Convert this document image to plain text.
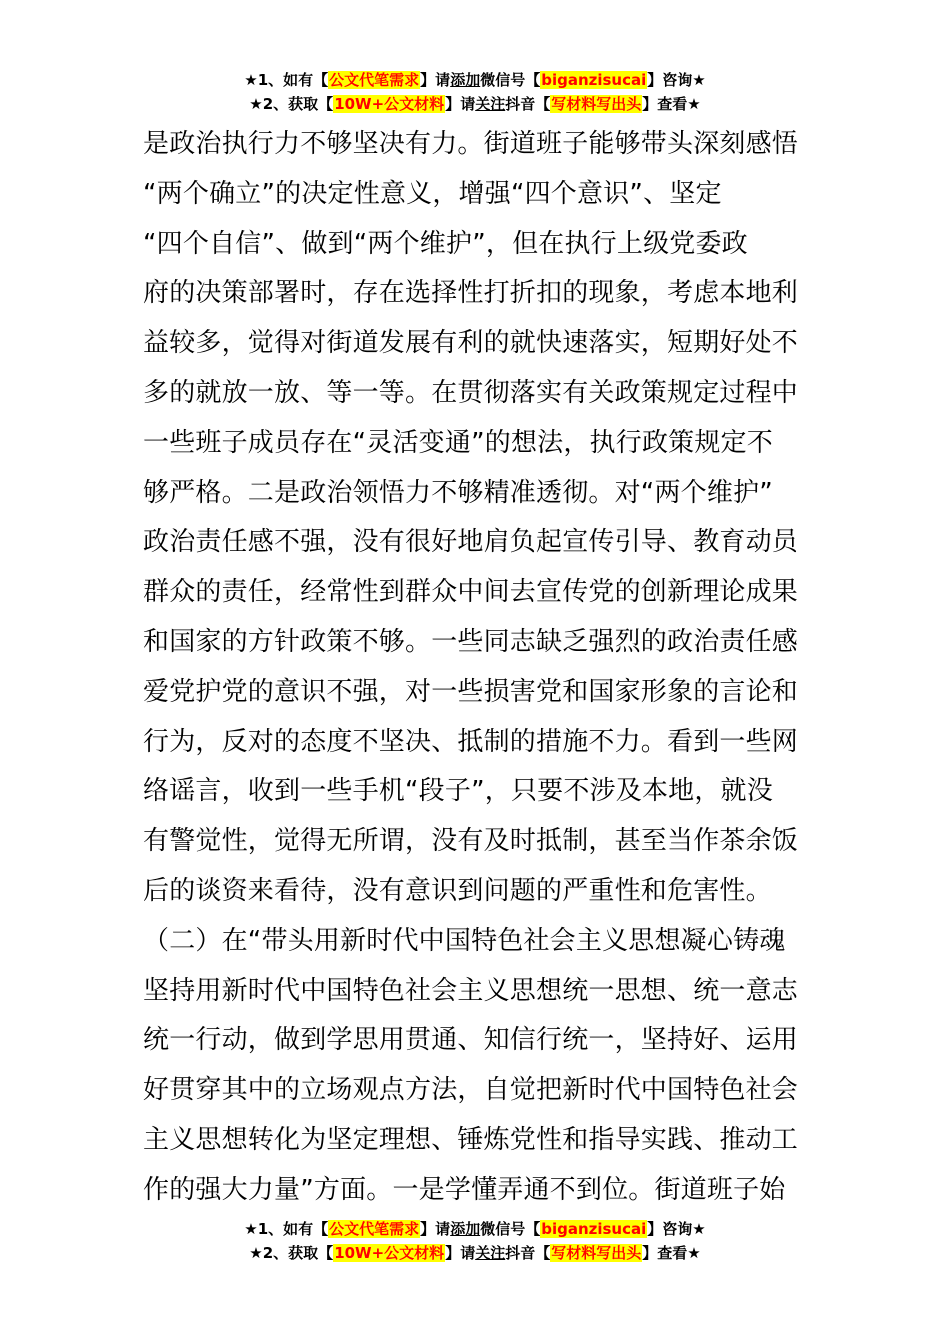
★1、如有【公文代笔需求】请添加微信号【biganzisucai】咨询★
★2、获取【10W+公文材料】请关注抖音【写材料写出头】查看★
是政治执行力不够坚决有力。街道班子能够带头深刻感悟
“两个确立”的决定性意义，增强“四个意识”、坚定
“四个自信”、做到“两个维护”，但在执行上级党委政
府的决策部署时，存在选择性打折扣的现象，考虑本地利
益较多，觉得对街道发展有利的就快速落实，短期好处不
多的就放一放、等一等。在贯彻落实有关政策规定过程中
一些班子成员存在“灵活变通”的想法，执行政策规定不
够严格。二是政治领悟力不够精准透彻。对“两个维护”
政治责任感不强，没有很好地肩负起宣传引导、教育动员
群众的责任，经常性到群众中间去宣传党的创新理论成果
和国家的方针政策不够。一些同志缺乏强烈的政治责任感
爱党护党的意识不强，对一些损害党和国家形象的言论和
行为，反对的态度不坚决、抵制的措施不力。看到一些网
络谣言，收到一些手机“段子”，只要不涉及本地，就没
有警觉性，觉得无所谓，没有及时抵制，甚至当作茶余饭
后的谈资来看待，没有意识到问题的严重性和危害性。
（二）在“带头用新时代中国特色社会主义思想凝心铸魂
坚持用新时代中国特色社会主义思想统一思想、统一意志
统一行动，做到学思用贯通、知信行统一，坚持好、运用
好贯穿其中的立场观点方法，自觉把新时代中国特色社会
主义思想转化为坚定理想、锤炼党性和指导实践、推动工
作的强大力量”方面。一是学懂弄通不到位。街道班子始
★1、如有【公文代笔需求】请添加微信号【biganzisucai】咨询★
★2、获取【10W+公文材料】请关注抖音【写材料写出头】查看★
